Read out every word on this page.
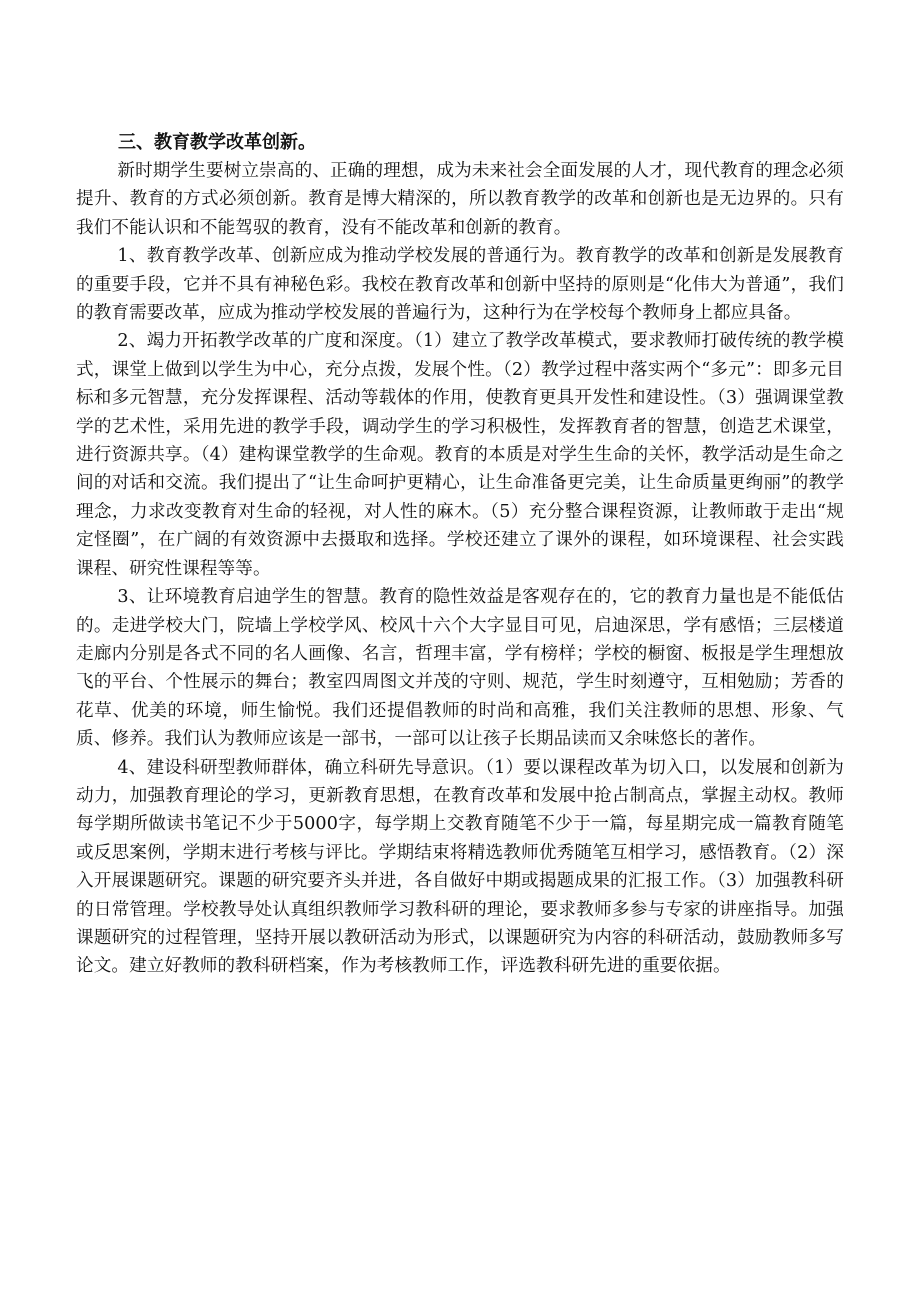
三、教育教学改革创新。

新时期学生要树立崇高的、正确的理想，成为未来社会全面发展的人才，现代教育的理念必须提升、教育的方式必须创新。教育是博大精深的，所以教育教学的改革和创新也是无边界的。只有我们不能认识和不能驾驭的教育，没有不能改革和创新的教育。

1、教育教学改革、创新应成为推动学校发展的普通行为。教育教学的改革和创新是发展教育的重要手段，它并不具有神秘色彩。我校在教育改革和创新中坚持的原则是“化伟大为普通”，我们的教育需要改革，应成为推动学校发展的普遍行为，这种行为在学校每个教师身上都应具备。

2、竭力开拓教学改革的广度和深度。（1）建立了教学改革模式，要求教师打破传统的教学模式，课堂上做到以学生为中心，充分点拨，发展个性。（2）教学过程中落实两个“多元”：即多元目标和多元智慧，充分发挥课程、活动等载体的作用，使教育更具开发性和建设性。（3）强调课堂教学的艺术性，采用先进的教学手段，调动学生的学习积极性，发挥教育者的智慧，创造艺术课堂，进行资源共享。（4）建构课堂教学的生命观。教育的本质是对学生生命的关怀，教学活动是生命之间的对话和交流。我们提出了“让生命呵护更精心，让生命准备更完美，让生命质量更绚丽”的教学理念，力求改变教育对生命的轻视，对人性的麻木。（5）充分整合课程资源，让教师敢于走出“规定怪圈”，在广阔的有效资源中去摄取和选择。学校还建立了课外的课程，如环境课程、社会实践课程、研究性课程等等。

3、让环境教育启迪学生的智慧。教育的隐性效益是客观存在的，它的教育力量也是不能低估的。走进学校大门，院墙上学校学风、校风十六个大字显目可见，启迪深思，学有感悟；三层楼道走廊内分别是各式不同的名人画像、名言，哲理丰富，学有榜样；学校的橱窗、板报是学生理想放飞的平台、个性展示的舞台；教室四周图文并茂的守则、规范，学生时刻遵守，互相勉励；芳香的花草、优美的环境，师生愉悦。我们还提倡教师的时尚和高雅，我们关注教师的思想、形象、气质、修养。我们认为教师应该是一部书，一部可以让孩子长期品读而又余味悠长的著作。

4、建设科研型教师群体，确立科研先导意识。（1）要以课程改革为切入口，以发展和创新为动力，加强教育理论的学习，更新教育思想，在教育改革和发展中抢占制高点，掌握主动权。教师每学期所做读书笔记不少于5000字，每学期上交教育随笔不少于一篇，每星期完成一篇教育随笔或反思案例，学期末进行考核与评比。学期结束将精选教师优秀随笔互相学习，感悟教育。（2）深入开展课题研究。课题的研究要齐头并进，各自做好中期或揭题成果的汇报工作。（3）加强教科研的日常管理。学校教导处认真组织教师学习教科研的理论，要求教师多参与专家的讲座指导。加强课题研究的过程管理，坚持开展以教研活动为形式，以课题研究为内容的科研活动，鼓励教师多写论文。建立好教师的教科研档案，作为考核教师工作，评选教科研先进的重要依据。
